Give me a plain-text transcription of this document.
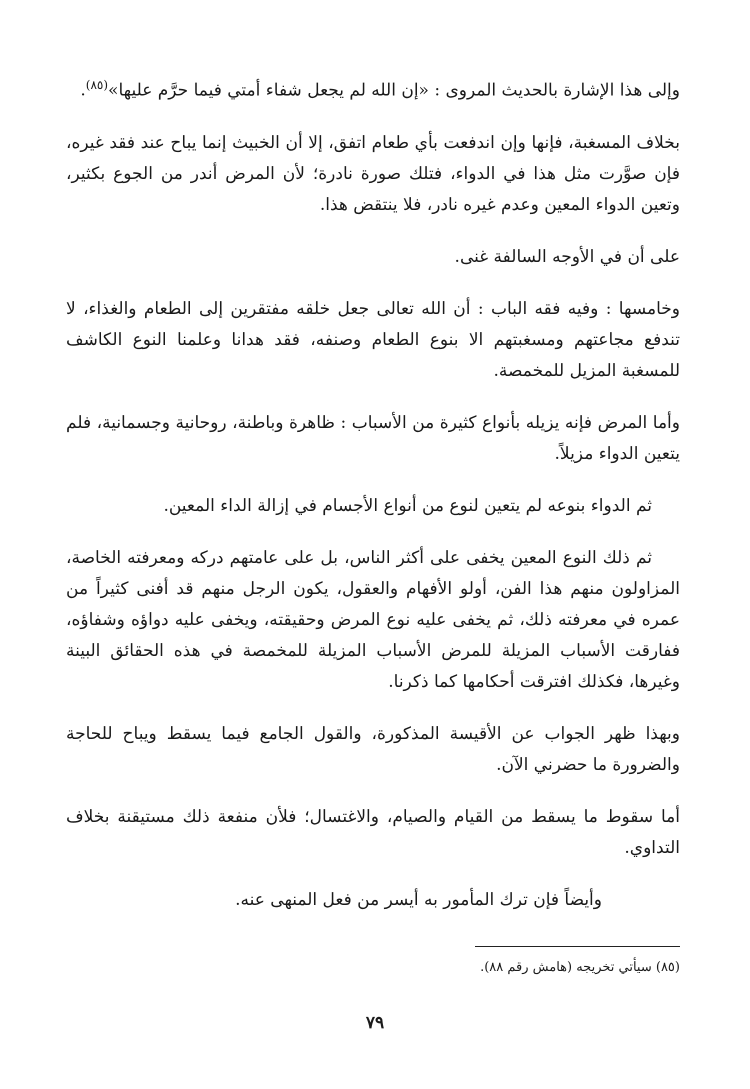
وإلى هذا الإشارة بالحديث المروى : «إن الله لم يجعل شفاء أمتي فيما حرَّم عليها»$^{(٨٥)}$.

بخلاف المسغبة، فإنها وإن اندفعت بأي طعام اتفق، إلا أن الخبيث إنما يباح عند فقد غيره، فإن صوَّرت مثل هذا في الدواء، فتلك صورة نادرة؛ لأن المرض أندر من الجوع بكثير، وتعين الدواء المعين وعدم غيره نادر، فلا ينتقض هذا.

على أن في الأوجه السالفة غنى.

وخامسها : وفيه فقه الباب : أن الله تعالى جعل خلقه مفتقرين إلى الطعام والغذاء، لا تندفع مجاعتهم ومسغبتهم الا بنوع الطعام وصنفه، فقد هدانا وعلمنا النوع الكاشف للمسغبة المزيل للمخمصة.

وأما المرض فإنه يزيله بأنواع كثيرة من الأسباب : ظاهرة وباطنة، روحانية وجسمانية، فلم يتعين الدواء مزيلاً.

ثم الدواء بنوعه لم يتعين لنوع من أنواع الأجسام في إزالة الداء المعين.

ثم ذلك النوع المعين يخفى على أكثر الناس، بل على عامتهم دركه ومعرفته الخاصة، المزاولون منهم هذا الفن، أولو الأفهام والعقول، يكون الرجل منهم قد أفنى كثيراً من عمره في معرفته ذلك، ثم يخفى عليه نوع المرض وحقيقته، ويخفى عليه دواؤه وشفاؤه، ففارقت الأسباب المزيلة للمرض الأسباب المزيلة للمخمصة في هذه الحقائق البينة وغيرها، فكذلك افترقت أحكامها كما ذكرنا.

وبهذا ظهر الجواب عن الأقيسة المذكورة، والقول الجامع فيما يسقط ويباح للحاجة والضرورة ما حضرني الآن.

أما سقوط ما يسقط من القيام والصيام، والاغتسال؛ فلأن منفعة ذلك مستيقنة بخلاف التداوي.

وأيضاً فإن ترك المأمور به أيسر من فعل المنهى عنه.

(٨٥) سيأتي تخريجه (هامش رقم ٨٨).
٧٩
